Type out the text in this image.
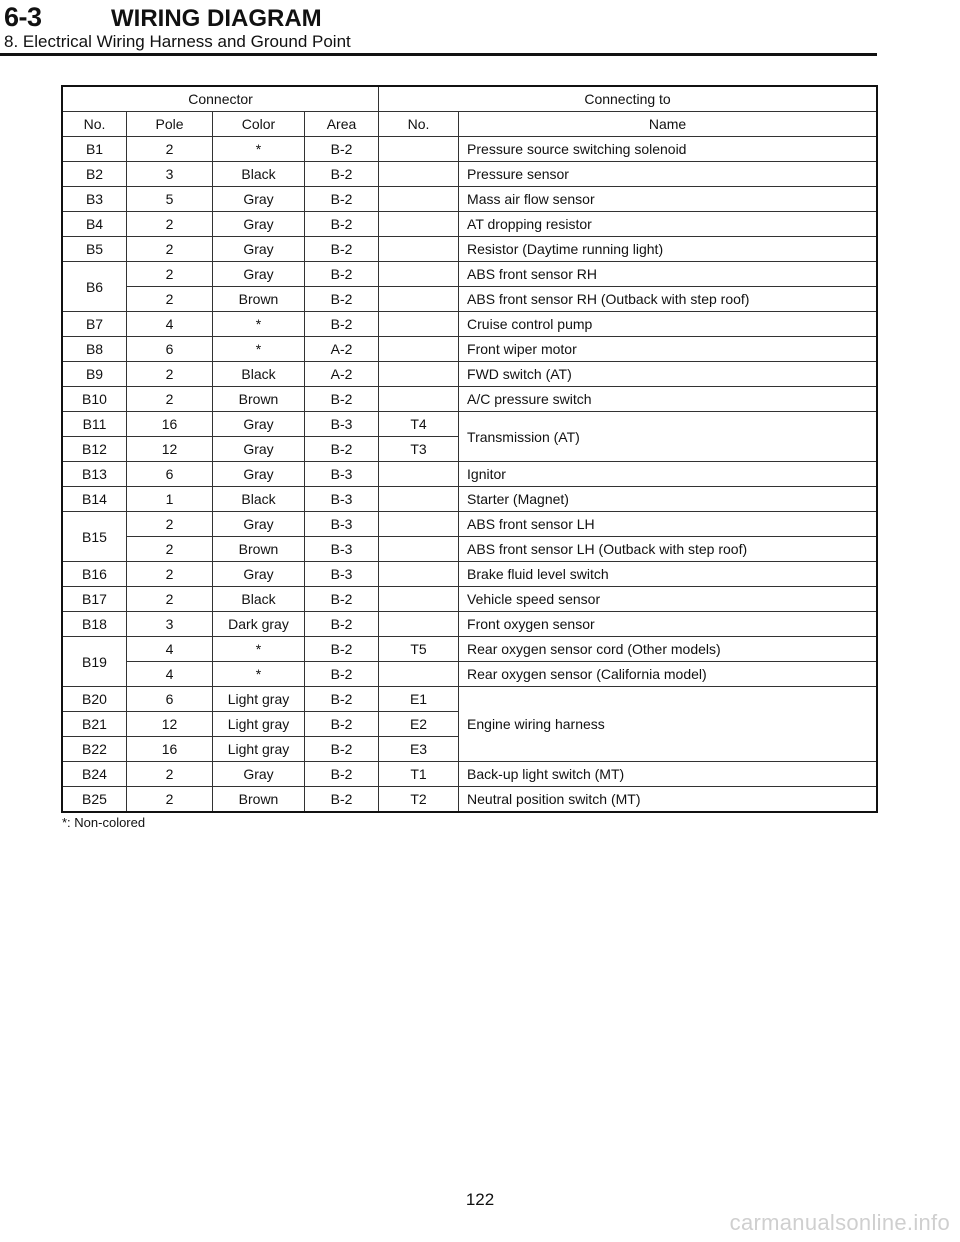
6-3	WIRING DIAGRAM
8. Electrical Wiring Harness and Ground Point
Connector				Connecting to	
No.	Pole	Color	Area	No.	Name
B1	2	*	B-2		Pressure source switching solenoid
B2	3	Black	B-2		Pressure sensor
B3	5	Gray	B-2		Mass air flow sensor
B4	2	Gray	B-2		AT dropping resistor
B5	2	Gray	B-2		Resistor (Daytime running light)
B6	2	Gray	B-2		ABS front sensor RH
	2	Brown	B-2		ABS front sensor RH (Outback with step roof)
B7	4	*	B-2		Cruise control pump
B8	6	*	A-2		Front wiper motor
B9	2	Black	A-2		FWD switch (AT)
B10	2	Brown	B-2		A/C pressure switch
B11	16	Gray	B-3	T4	Transmission (AT)
B12	12	Gray	B-2	T3	
B13	6	Gray	B-3		Ignitor
B14	1	Black	B-3		Starter (Magnet)
B15	2	Gray	B-3		ABS front sensor LH
	2	Brown	B-3		ABS front sensor LH (Outback with step roof)
B16	2	Gray	B-3		Brake fluid level switch
B17	2	Black	B-2		Vehicle speed sensor
B18	3	Dark gray	B-2		Front oxygen sensor
B19	4	*	B-2	T5	Rear oxygen sensor cord (Other models)
	4	*	B-2		Rear oxygen sensor (California model)
B20	6	Light gray	B-2	E1	Engine wiring harness
B21	12	Light gray	B-2	E2	
B22	16	Light gray	B-2	E3	
B24	2	Gray	B-2	T1	Back-up light switch (MT)
B25	2	Brown	B-2	T2	Neutral position switch (MT)
*: Non-colored
122
carmanualsonline.info
